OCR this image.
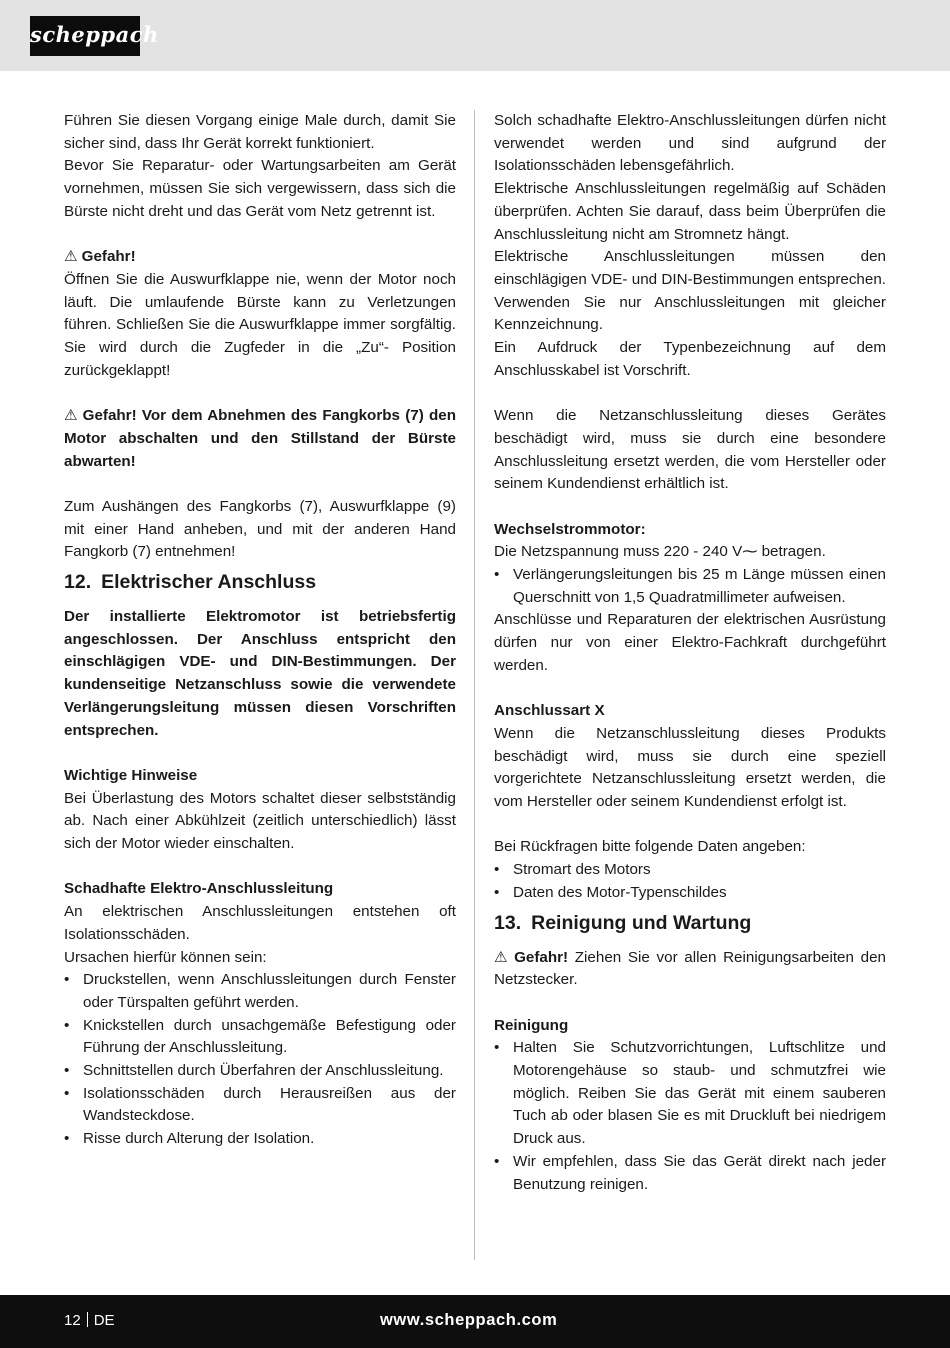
scheppach

Führen Sie diesen Vorgang einige Male durch, damit Sie sicher sind, dass Ihr Gerät korrekt funktioniert.

Bevor Sie Reparatur- oder Wartungsarbeiten am Gerät vornehmen, müssen Sie sich vergewissern, dass sich die Bürste nicht dreht und das Gerät vom Netz getrennt ist.

⚠ Gefahr!

Öffnen Sie die Auswurfklappe nie, wenn der Motor noch läuft. Die umlaufende Bürste kann zu Verletzungen führen. Schließen Sie die Auswurfklappe immer sorgfältig. Sie wird durch die Zugfeder in die „Zu“- Position zurückgeklappt!

⚠ Gefahr! Vor dem Abnehmen des Fangkorbs (7) den Motor abschalten und den Stillstand der Bürste abwarten!

Zum Aushängen des Fangkorbs (7), Auswurfklappe (9) mit einer Hand anheben, und mit der anderen Hand Fangkorb (7) entnehmen!

12. Elektrischer Anschluss

Der installierte Elektromotor ist betriebsfertig angeschlossen. Der Anschluss entspricht den einschlägigen VDE- und DIN-Bestimmungen. Der kundenseitige Netzanschluss sowie die verwendete Verlängerungsleitung müssen diesen Vorschriften entsprechen.

Wichtige Hinweise

Bei Überlastung des Motors schaltet dieser selbstständig ab. Nach einer Abkühlzeit (zeitlich unterschiedlich) lässt sich der Motor wieder einschalten.

Schadhafte Elektro-Anschlussleitung

An elektrischen Anschlussleitungen entstehen oft Isolationsschäden.

Ursachen hierfür können sein:

• Druckstellen, wenn Anschlussleitungen durch Fenster oder Türspalten geführt werden.
• Knickstellen durch unsachgemäße Befestigung oder Führung der Anschlussleitung.
• Schnittstellen durch Überfahren der Anschlussleitung.
• Isolationsschäden durch Herausreißen aus der Wandsteckdose.
• Risse durch Alterung der Isolation.

Solch schadhafte Elektro-Anschlussleitungen dürfen nicht verwendet werden und sind aufgrund der Isolationsschäden lebensgefährlich.

Elektrische Anschlussleitungen regelmäßig auf Schäden überprüfen. Achten Sie darauf, dass beim Überprüfen die Anschlussleitung nicht am Stromnetz hängt.

Elektrische Anschlussleitungen müssen den einschlägigen VDE- und DIN-Bestimmungen entsprechen. Verwenden Sie nur Anschlussleitungen mit gleicher Kennzeichnung.

Ein Aufdruck der Typenbezeichnung auf dem Anschlusskabel ist Vorschrift.

Wenn die Netzanschlussleitung dieses Gerätes beschädigt wird, muss sie durch eine besondere Anschlussleitung ersetzt werden, die vom Hersteller oder seinem Kundendienst erhältlich ist.

Wechselstrommotor:

Die Netzspannung muss 220 - 240 V⁓ betragen.

• Verlängerungsleitungen bis 25 m Länge müssen einen Querschnitt von 1,5 Quadratmillimeter aufweisen.

Anschlüsse und Reparaturen der elektrischen Ausrüstung dürfen nur von einer Elektro-Fachkraft durchgeführt werden.

Anschlussart X

Wenn die Netzanschlussleitung dieses Produkts beschädigt wird, muss sie durch eine speziell vorgerichtete Netzanschlussleitung ersetzt werden, die vom Hersteller oder seinem Kundendienst erfolgt ist.

Bei Rückfragen bitte folgende Daten angeben:

• Stromart des Motors
• Daten des Motor-Typenschildes
13. Reinigung und Wartung

⚠ Gefahr! Ziehen Sie vor allen Reinigungsarbeiten den Netzstecker.

Reinigung

• Halten Sie Schutzvorrichtungen, Luftschlitze und Motorengehäuse so staub- und schmutzfrei wie möglich. Reiben Sie das Gerät mit einem sauberen Tuch ab oder blasen Sie es mit Druckluft bei niedrigem Druck aus.
• Wir empfehlen, dass Sie das Gerät direkt nach jeder Benutzung reinigen.
12 DE	www.scheppach.com
